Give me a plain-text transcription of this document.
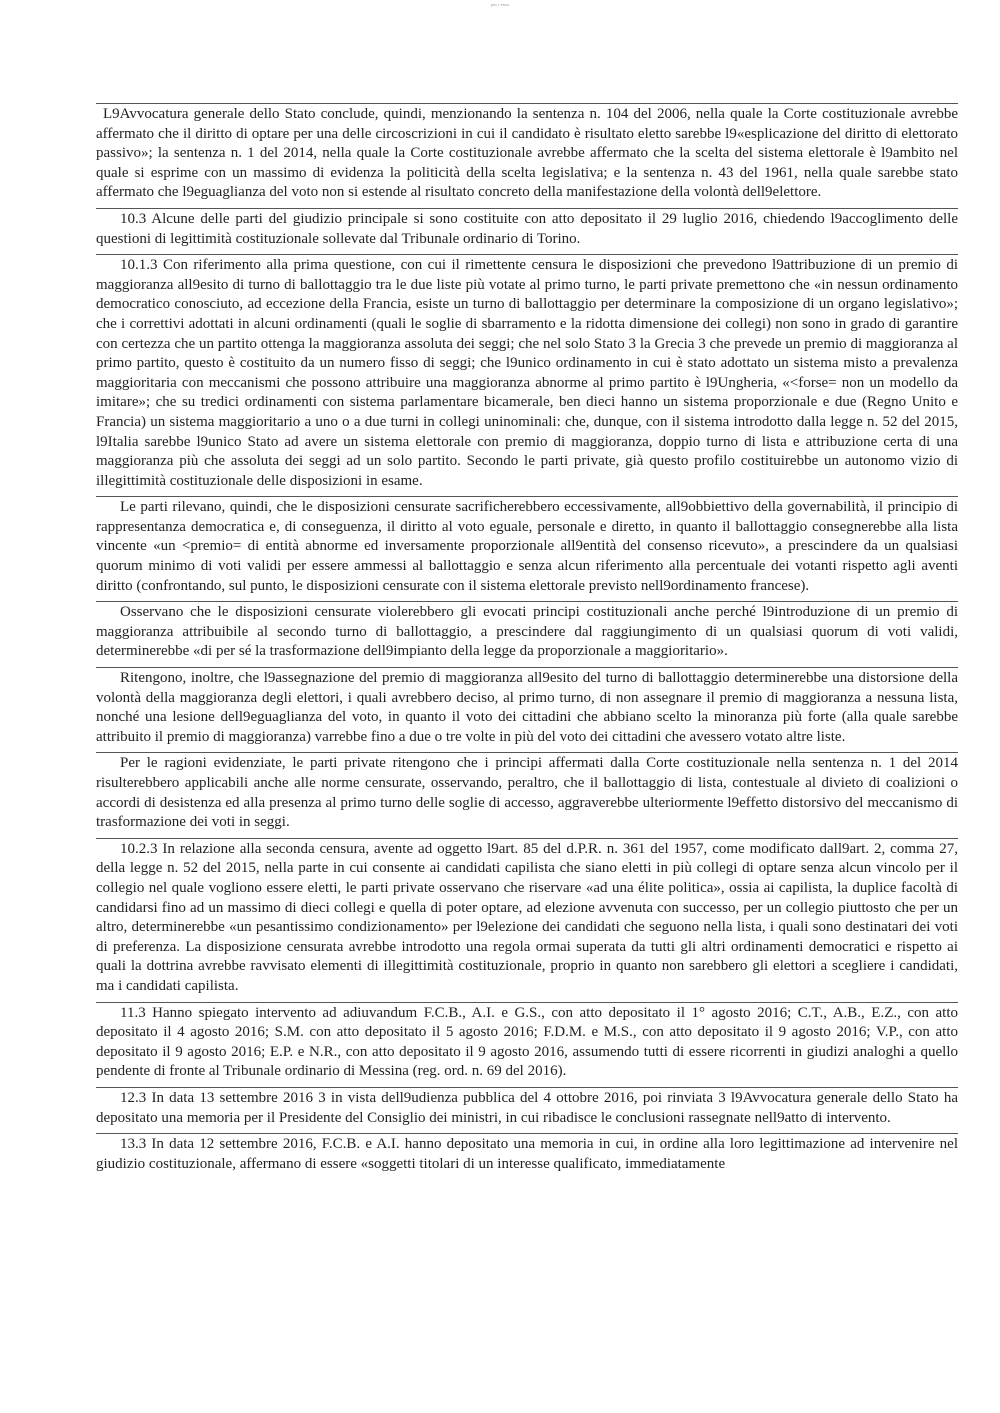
pec r esco

L9Avvocatura generale dello Stato conclude, quindi, menzionando la sentenza n. 104 del 2006, nella quale la Corte costituzionale avrebbe affermato che il diritto di optare per una delle circoscrizioni in cui il candidato è risultato eletto sarebbe l9«esplicazione del diritto di elettorato passivo»; la sentenza n. 1 del 2014, nella quale la Corte costituzionale avrebbe affermato che la scelta del sistema elettorale è l9ambito nel quale si esprime con un massimo di evidenza la politicità della scelta legislativa; e la sentenza n. 43 del 1961, nella quale sarebbe stato affermato che l9eguaglianza del voto non si estende al risultato concreto della manifestazione della volontà dell9elettore.

10.3 Alcune delle parti del giudizio principale si sono costituite con atto depositato il 29 luglio 2016, chiedendo l9accoglimento delle questioni di legittimità costituzionale sollevate dal Tribunale ordinario di Torino.

10.1.3 Con riferimento alla prima questione, con cui il rimettente censura le disposizioni che prevedono l9attribuzione di un premio di maggioranza all9esito di turno di ballottaggio tra le due liste più votate al primo turno, le parti private premettono che «in nessun ordinamento democratico conosciuto, ad eccezione della Francia, esiste un turno di ballottaggio per determinare la composizione di un organo legislativo»; che i correttivi adottati in alcuni ordinamenti (quali le soglie di sbarramento e la ridotta dimensione dei collegi) non sono in grado di garantire con certezza che un partito ottenga la maggioranza assoluta dei seggi; che nel solo Stato 3 la Grecia 3 che prevede un premio di maggioranza al primo partito, questo è costituito da un numero fisso di seggi; che l9unico ordinamento in cui è stato adottato un sistema misto a prevalenza maggioritaria con meccanismi che possono attribuire una maggioranza abnorme al primo partito è l9Ungheria, «<forse= non un modello da imitare»; che su tredici ordinamenti con sistema parlamentare bicamerale, ben dieci hanno un sistema proporzionale e due (Regno Unito e Francia) un sistema maggioritario a uno o a due turni in collegi uninominali: che, dunque, con il sistema introdotto dalla legge n. 52 del 2015, l9Italia sarebbe l9unico Stato ad avere un sistema elettorale con premio di maggioranza, doppio turno di lista e attribuzione certa di una maggioranza più che assoluta dei seggi ad un solo partito. Secondo le parti private, già questo profilo costituirebbe un autonomo vizio di illegittimità costituzionale delle disposizioni in esame.

Le parti rilevano, quindi, che le disposizioni censurate sacrificherebbero eccessivamente, all9obbiettivo della governabilità, il principio di rappresentanza democratica e, di conseguenza, il diritto al voto eguale, personale e diretto, in quanto il ballottaggio consegnerebbe alla lista vincente «un <premio= di entità abnorme ed inversamente proporzionale all9entità del consenso ricevuto», a prescindere da un qualsiasi quorum minimo di voti validi per essere ammessi al ballottaggio e senza alcun riferimento alla percentuale dei votanti rispetto agli aventi diritto (confrontando, sul punto, le disposizioni censurate con il sistema elettorale previsto nell9ordinamento francese).

Osservano che le disposizioni censurate violerebbero gli evocati principi costituzionali anche perché l9introduzione di un premio di maggioranza attribuibile al secondo turno di ballottaggio, a prescindere dal raggiungimento di un qualsiasi quorum di voti validi, determinerebbe «di per sé la trasformazione dell9impianto della legge da proporzionale a maggioritario».

Ritengono, inoltre, che l9assegnazione del premio di maggioranza all9esito del turno di ballottaggio determinerebbe una distorsione della volontà della maggioranza degli elettori, i quali avrebbero deciso, al primo turno, di non assegnare il premio di maggioranza a nessuna lista, nonché una lesione dell9eguaglianza del voto, in quanto il voto dei cittadini che abbiano scelto la minoranza più forte (alla quale sarebbe attribuito il premio di maggioranza) varrebbe fino a due o tre volte in più del voto dei cittadini che avessero votato altre liste.

Per le ragioni evidenziate, le parti private ritengono che i principi affermati dalla Corte costituzionale nella sentenza n. 1 del 2014 risulterebbero applicabili anche alle norme censurate, osservando, peraltro, che il ballottaggio di lista, contestuale al divieto di coalizioni o accordi di desistenza ed alla presenza al primo turno delle soglie di accesso, aggraverebbe ulteriormente l9effetto distorsivo del meccanismo di trasformazione dei voti in seggi.

10.2.3 In relazione alla seconda censura, avente ad oggetto l9art. 85 del d.P.R. n. 361 del 1957, come modificato dall9art. 2, comma 27, della legge n. 52 del 2015, nella parte in cui consente ai candidati capilista che siano eletti in più collegi di optare senza alcun vincolo per il collegio nel quale vogliono essere eletti, le parti private osservano che riservare «ad una élite politica», ossia ai capilista, la duplice facoltà di candidarsi fino ad un massimo di dieci collegi e quella di poter optare, ad elezione avvenuta con successo, per un collegio piuttosto che per un altro, determinerebbe «un pesantissimo condizionamento» per l9elezione dei candidati che seguono nella lista, i quali sono destinatari dei voti di preferenza. La disposizione censurata avrebbe introdotto una regola ormai superata da tutti gli altri ordinamenti democratici e rispetto ai quali la dottrina avrebbe ravvisato elementi di illegittimità costituzionale, proprio in quanto non sarebbero gli elettori a scegliere i candidati, ma i candidati capilista.

11.3 Hanno spiegato intervento ad adiuvandum F.C.B., A.I. e G.S., con atto depositato il 1° agosto 2016; C.T., A.B., E.Z., con atto depositato il 4 agosto 2016; S.M. con atto depositato il 5 agosto 2016; F.D.M. e M.S., con atto depositato il 9 agosto 2016; V.P., con atto depositato il 9 agosto 2016; E.P. e N.R., con atto depositato il 9 agosto 2016, assumendo tutti di essere ricorrenti in giudizi analoghi a quello pendente di fronte al Tribunale ordinario di Messina (reg. ord. n. 69 del 2016).

12.3 In data 13 settembre 2016 3 in vista dell9udienza pubblica del 4 ottobre 2016, poi rinviata 3 l9Avvocatura generale dello Stato ha depositato una memoria per il Presidente del Consiglio dei ministri, in cui ribadisce le conclusioni rassegnate nell9atto di intervento.

13.3 In data 12 settembre 2016, F.C.B. e A.I. hanno depositato una memoria in cui, in ordine alla loro legittimazione ad intervenire nel giudizio costituzionale, affermano di essere «soggetti titolari di un interesse qualificato, immediatamente
